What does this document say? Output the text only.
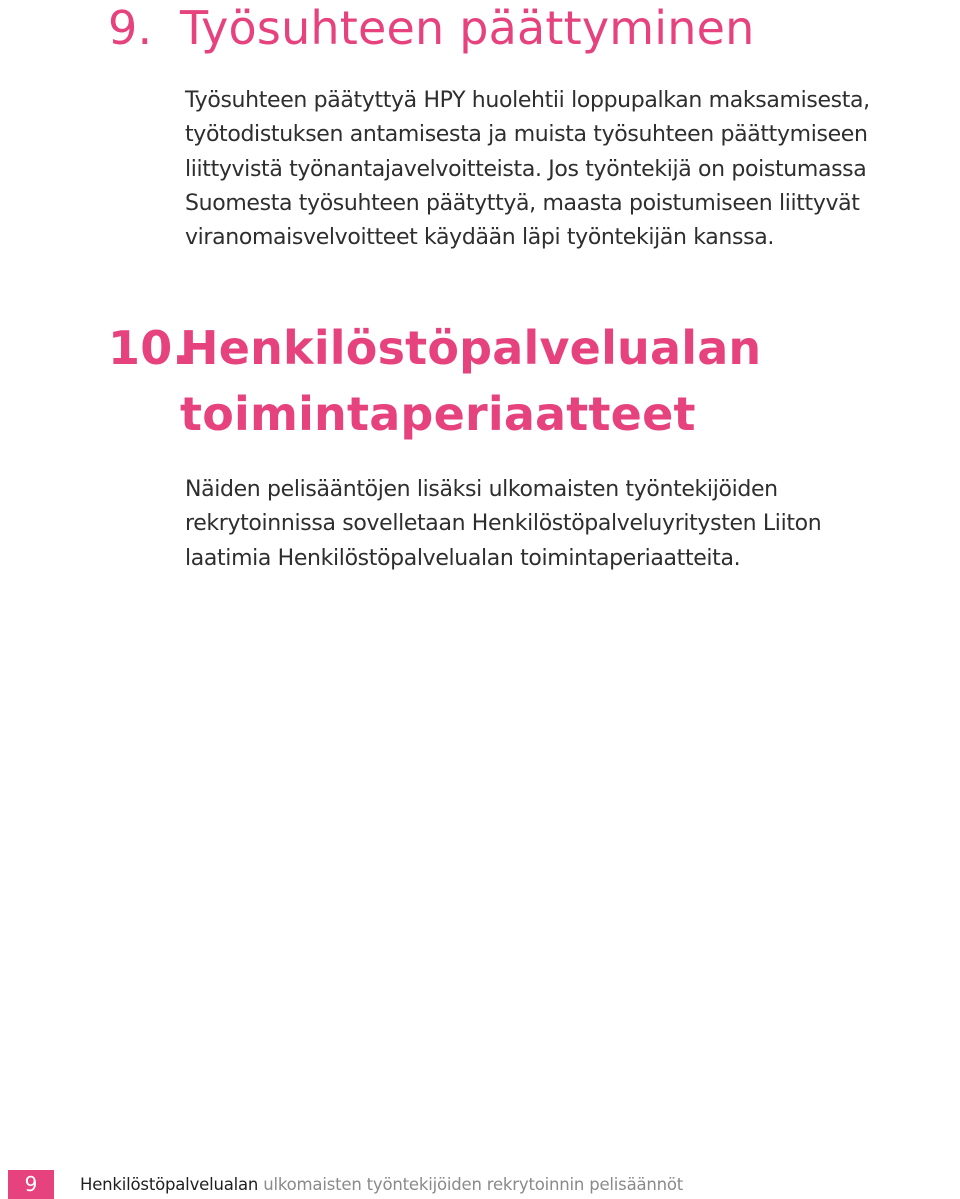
9. Työsuhteen päättyminen

Työsuhteen päätyttyä HPY huolehtii loppupalkan maksamisesta,
työtodistuksen antamisesta ja muista työsuhteen päättymiseen
liittyvistä työnantajavelvoitteista. Jos työntekijä on poistumassa
Suomesta työsuhteen päätyttyä, maasta poistumiseen liittyvät
viranomaisvelvoitteet käydään läpi työntekijän kanssa.

10.
Henkilöstöpalvelualan
toimintaperiaatteet

Näiden pelisääntöjen lisäksi ulkomaisten työntekijöiden
rekrytoinnissa sovelletaan Henkilöstöpalveluyritysten Liiton
laatimia Henkilöstöpalvelualan toimintaperiaatteita.

9	Henkilöstöpalvelualan ulkomaisten työntekijöiden rekrytoinnin pelisäännöt
